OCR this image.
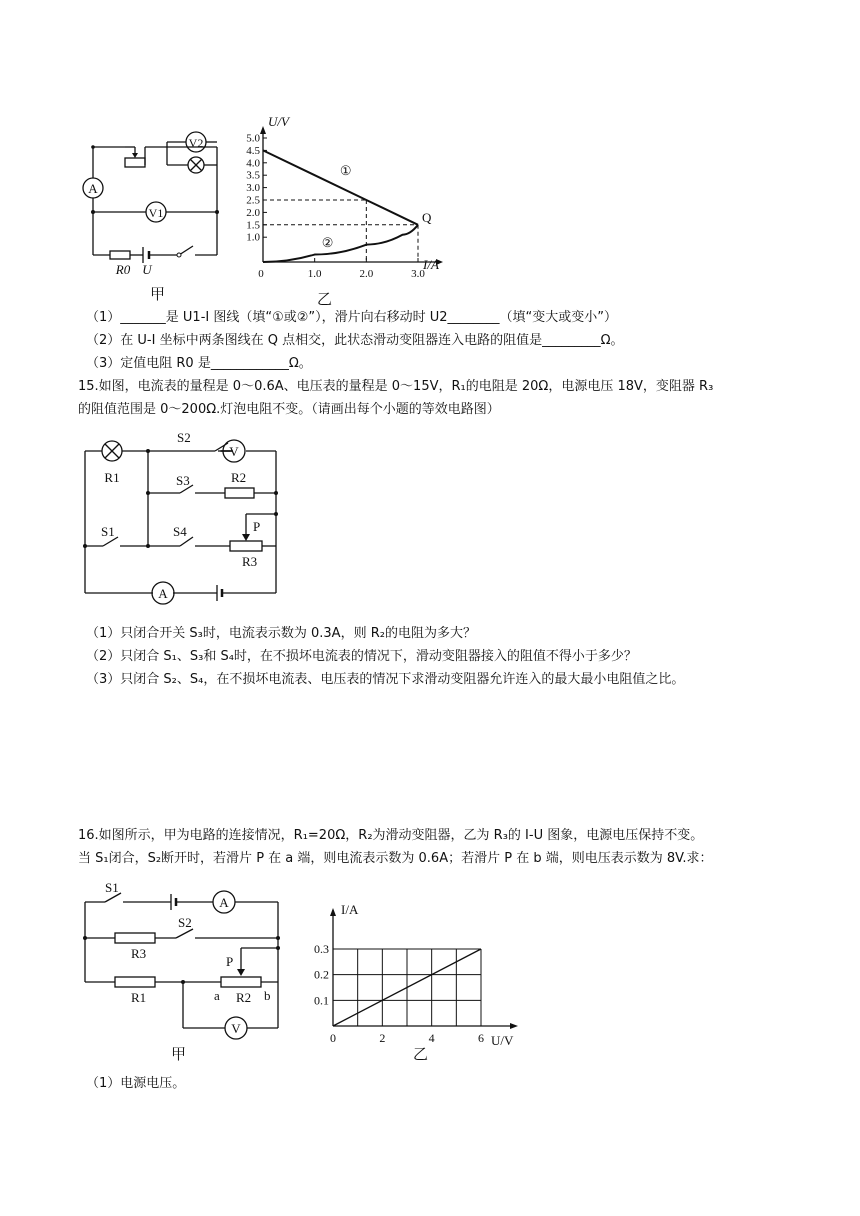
A
V2
V1
R0 U
甲
5.0
4.5
4.0
3.5
3.0
2.5
2.0
1.5
1.0
0	1.0	2.0	3.0
U/V
I/A
①
②
Q
乙
（1）_______是 U1-I 图线（填“①或②”），滑片向右移动时 U2________（填“变大或变小”）
（2）在 U-I 坐标中两条图线在 Q 点相交，此状态滑动变阻器连入电路的阻值是_________Ω。
（3）定值电阻 R0 是____________Ω。
15.如图，电流表的量程是 0～0.6A、电压表的量程是 0～15V，R₁的电阻是 20Ω，电源电压 18V，变阻器 R₃
的阻值范围是 0～200Ω.灯泡电阻不变。（请画出每个小题的等效电路图）
R1
S2
V
S3	R2
S1	S4	P
R3
A
（1）只闭合开关 S₃时，电流表示数为 0.3A，则 R₂的电阻为多大？
（2）只闭合 S₁、S₃和 S₄时，在不损坏电流表的情况下，滑动变阻器接入的阻值不得小于多少？
（3）只闭合 S₂、S₄，在不损坏电流表、电压表的情况下求滑动变阻器允许连入的最大最小电阻值之比。
16.如图所示，甲为电路的连接情况，R₁=20Ω，R₂为滑动变阻器，乙为 R₃的 I-U 图象，电源电压保持不变。
当 S₁闭合，S₂断开时，若滑片 P 在 a 端，则电流表示数为 0.6A；若滑片 P 在 b 端，则电压表示数为 8V.求：
S1
A
R3
S2
P
R1	a R2 b
V
甲
0.3
0.2
0.1
0	2	4	6
I/A
U/V
乙
（1）电源电压。
